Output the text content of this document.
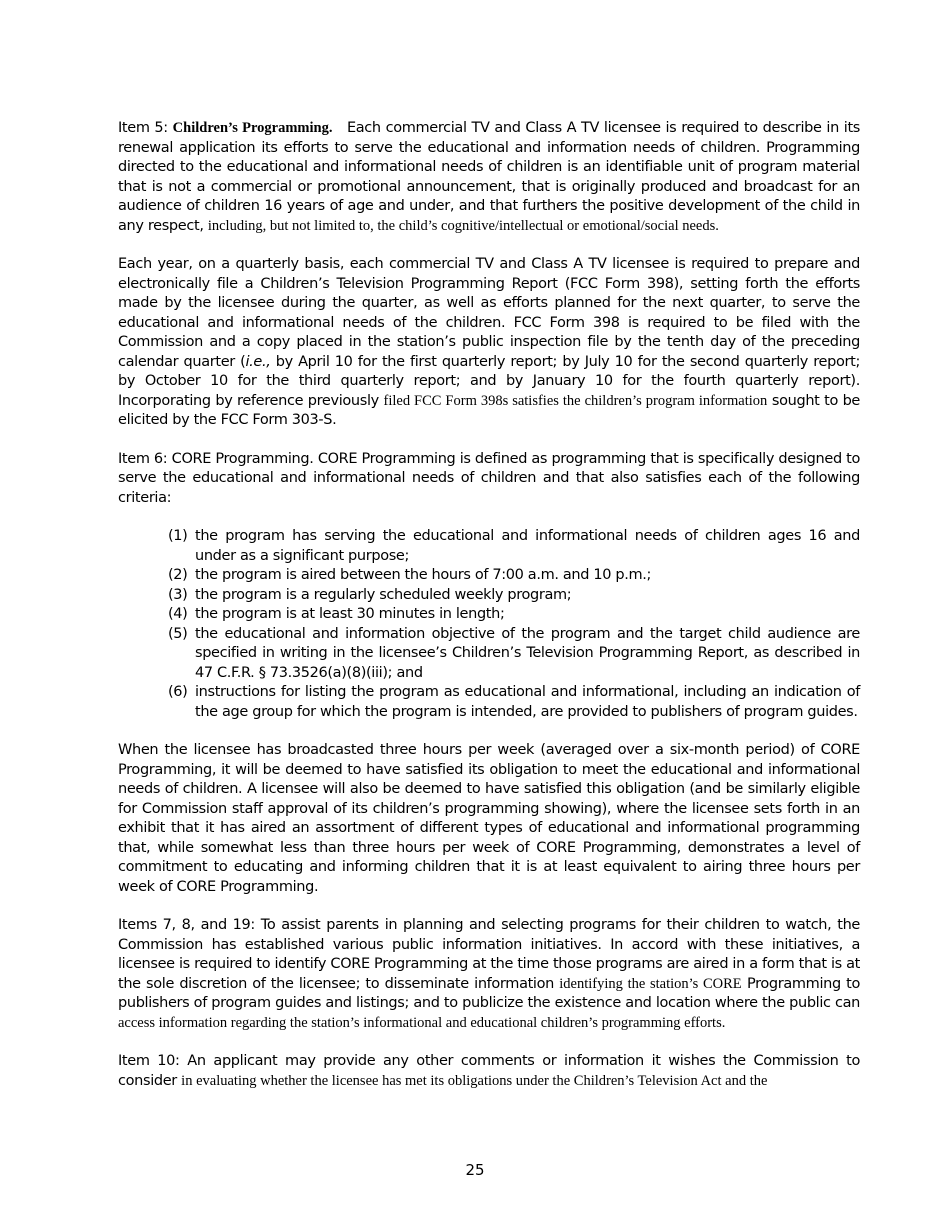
Item 5: Children’s Programming. Each commercial TV and Class A TV licensee is required to describe in its renewal application its efforts to serve the educational and information needs of children. Programming directed to the educational and informational needs of children is an identifiable unit of program material that is not a commercial or promotional announcement, that is originally produced and broadcast for an audience of children 16 years of age and under, and that furthers the positive development of the child in any respect, including, but not limited to, the child’s cognitive/intellectual or emotional/social needs.

Each year, on a quarterly basis, each commercial TV and Class A TV licensee is required to prepare and electronically file a Children’s Television Programming Report (FCC Form 398), setting forth the efforts made by the licensee during the quarter, as well as efforts planned for the next quarter, to serve the educational and informational needs of the children. FCC Form 398 is required to be filed with the Commission and a copy placed in the station’s public inspection file by the tenth day of the preceding calendar quarter (i.e., by April 10 for the first quarterly report; by July 10 for the second quarterly report; by October 10 for the third quarterly report; and by January 10 for the fourth quarterly report). Incorporating by reference previously filed FCC Form 398s satisfies the children’s program information sought to be elicited by the FCC Form 303-S.

Item 6: CORE Programming. CORE Programming is defined as programming that is specifically designed to serve the educational and informational needs of children and that also satisfies each of the following criteria:

(1) the program has serving the educational and informational needs of children ages 16 and under as a significant purpose;
(2) the program is aired between the hours of 7:00 a.m. and 10 p.m.;
(3) the program is a regularly scheduled weekly program;
(4) the program is at least 30 minutes in length;
(5) the educational and information objective of the program and the target child audience are specified in writing in the licensee’s Children’s Television Programming Report, as described in 47 C.F.R. § 73.3526(a)(8)(iii); and
(6) instructions for listing the program as educational and informational, including an indication of the age group for which the program is intended, are provided to publishers of program guides.

When the licensee has broadcasted three hours per week (averaged over a six-month period) of CORE Programming, it will be deemed to have satisfied its obligation to meet the educational and informational needs of children. A licensee will also be deemed to have satisfied this obligation (and be similarly eligible for Commission staff approval of its children’s programming showing), where the licensee sets forth in an exhibit that it has aired an assortment of different types of educational and informational programming that, while somewhat less than three hours per week of CORE Programming, demonstrates a level of commitment to educating and informing children that it is at least equivalent to airing three hours per week of CORE Programming.

Items 7, 8, and 19: To assist parents in planning and selecting programs for their children to watch, the Commission has established various public information initiatives. In accord with these initiatives, a licensee is required to identify CORE Programming at the time those programs are aired in a form that is at the sole discretion of the licensee; to disseminate information identifying the station’s CORE Programming to publishers of program guides and listings; and to publicize the existence and location where the public can access information regarding the station’s informational and educational children’s programming efforts.

Item 10: An applicant may provide any other comments or information it wishes the Commission to consider in evaluating whether the licensee has met its obligations under the Children’s Television Act and the

25
